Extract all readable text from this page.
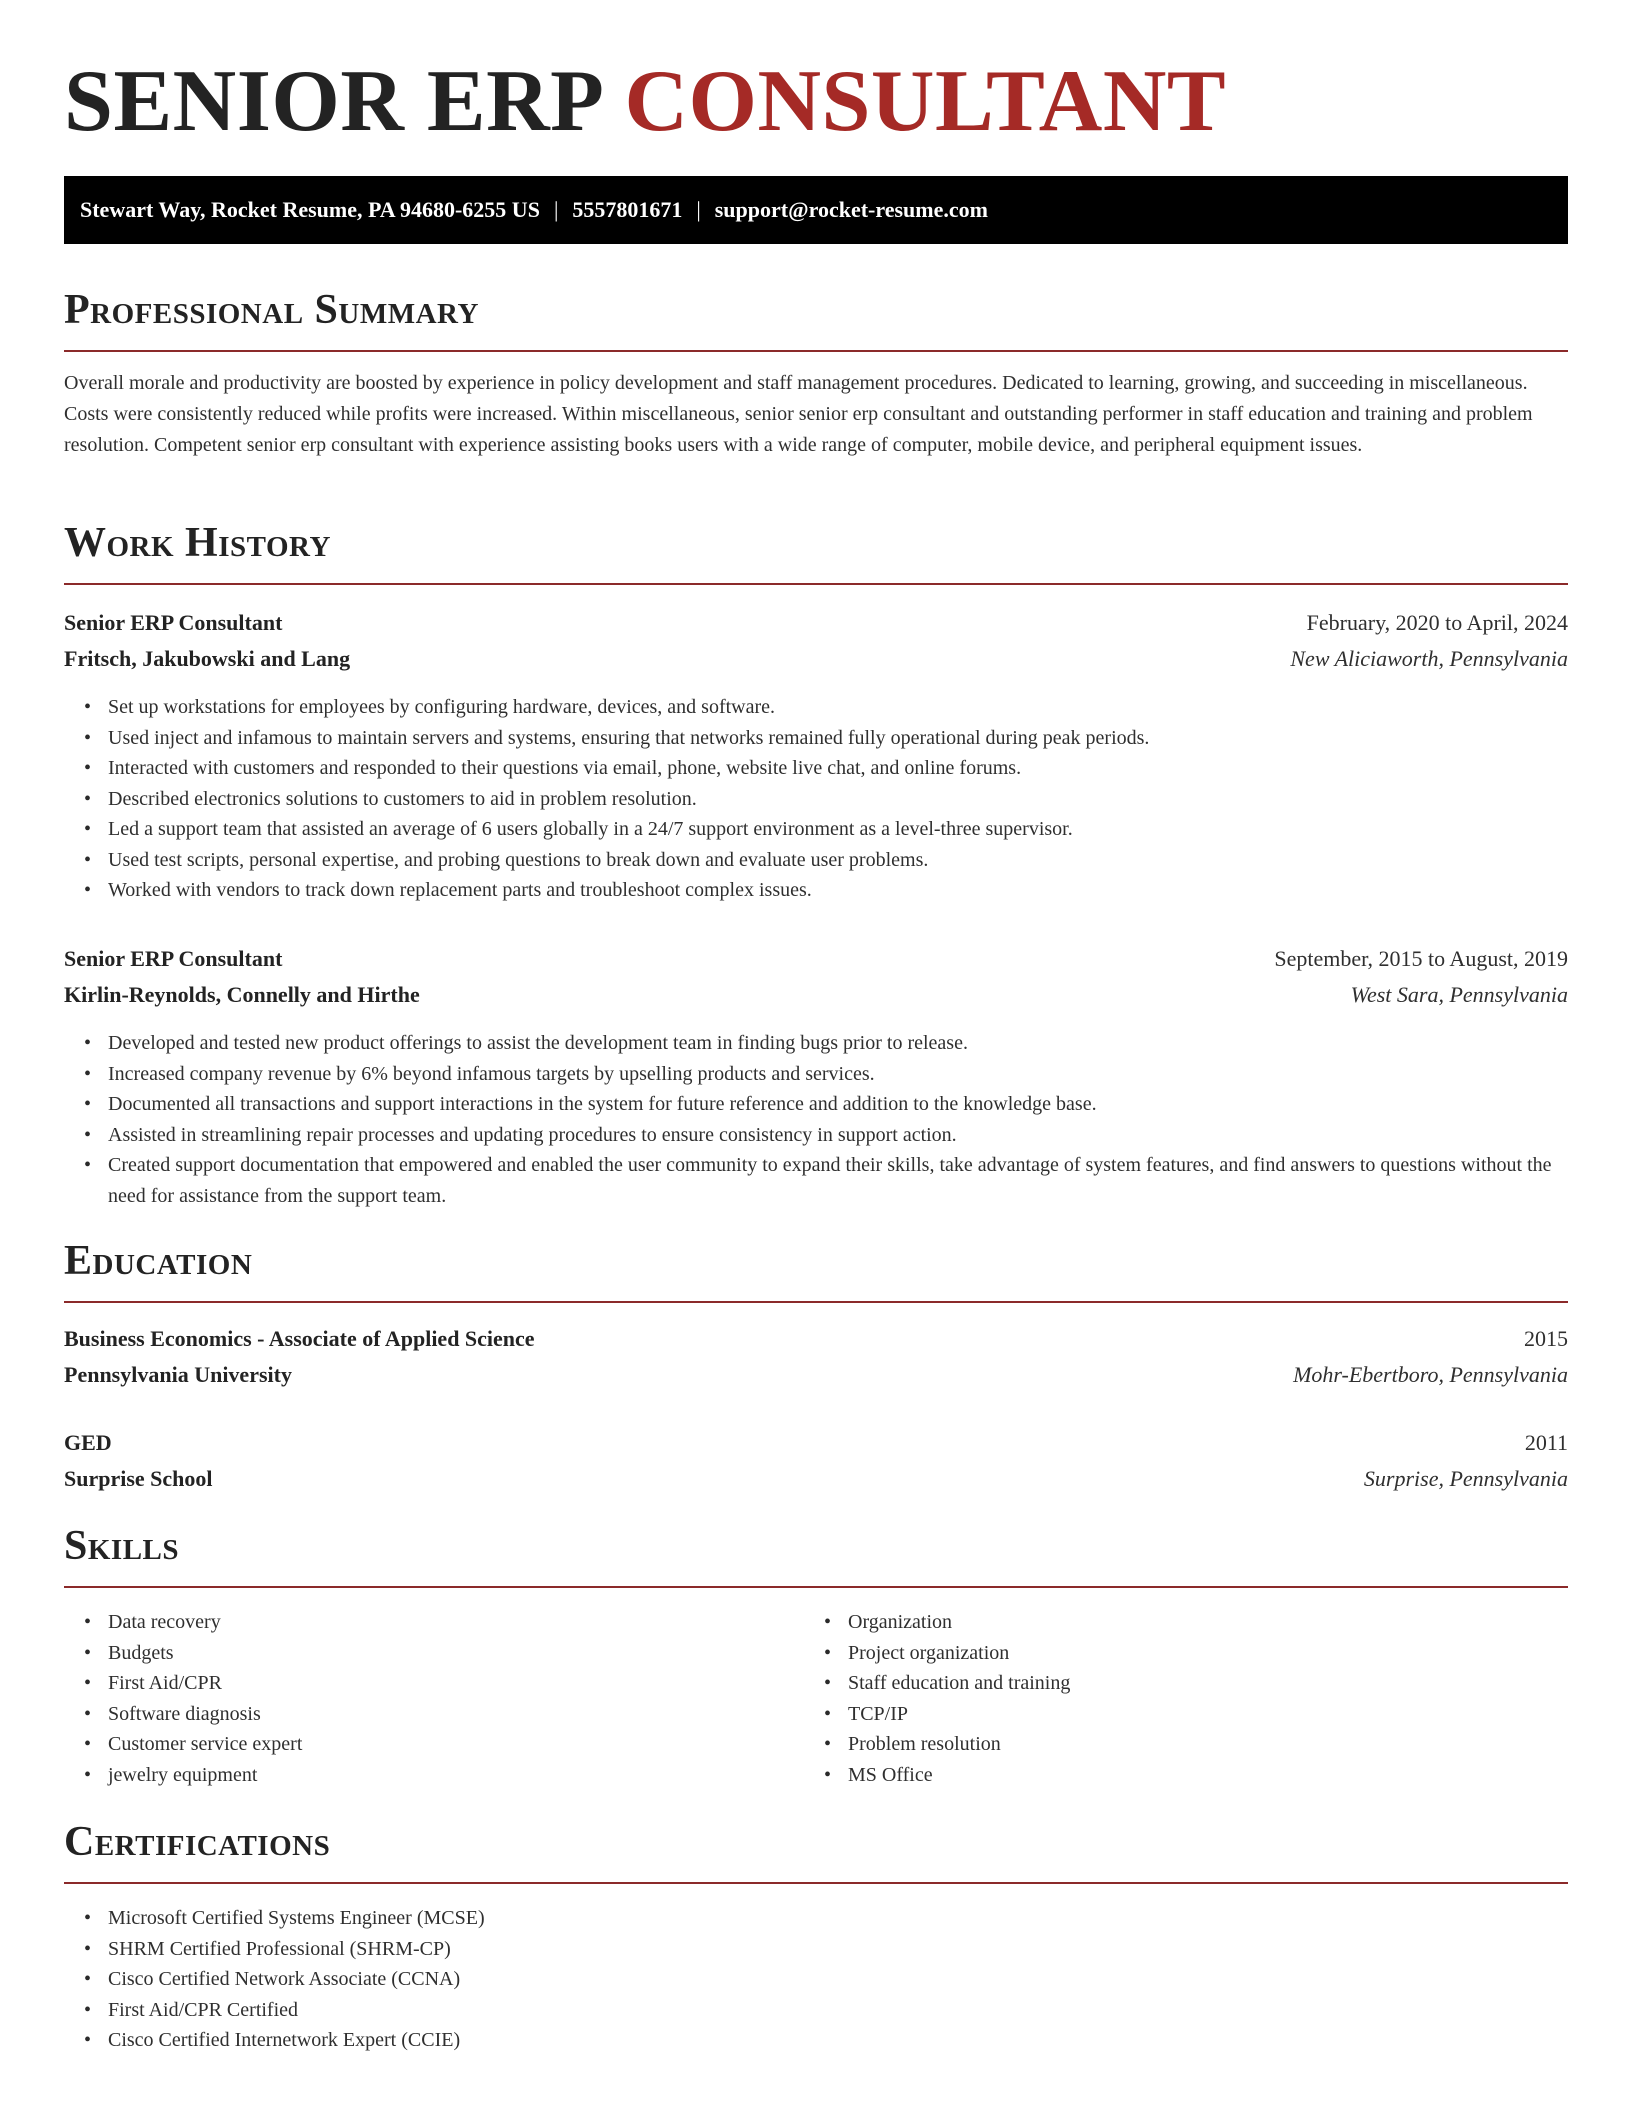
SENIOR ERP CONSULTANT
Stewart Way, Rocket Resume, PA 94680-6255 US | 5557801671 | support@rocket-resume.com
Professional Summary

Overall morale and productivity are boosted by experience in policy development and staff management procedures. Dedicated to learning, growing, and succeeding in miscellaneous. Costs were consistently reduced while profits were increased. Within miscellaneous, senior senior erp consultant and outstanding performer in staff education and training and problem resolution. Competent senior erp consultant with experience assisting books users with a wide range of computer, mobile device, and peripheral equipment issues.

Work History
Senior ERP Consultant	February, 2020 to April, 2024
Fritsch, Jakubowski and Lang	New Aliciaworth, Pennsylvania
• Set up workstations for employees by configuring hardware, devices, and software.
• Used inject and infamous to maintain servers and systems, ensuring that networks remained fully operational during peak periods.
• Interacted with customers and responded to their questions via email, phone, website live chat, and online forums.
• Described electronics solutions to customers to aid in problem resolution.
• Led a support team that assisted an average of 6 users globally in a 24/7 support environment as a level-three supervisor.
• Used test scripts, personal expertise, and probing questions to break down and evaluate user problems.
• Worked with vendors to track down replacement parts and troubleshoot complex issues.
Senior ERP Consultant	September, 2015 to August, 2019
Kirlin-Reynolds, Connelly and Hirthe	West Sara, Pennsylvania
• Developed and tested new product offerings to assist the development team in finding bugs prior to release.
• Increased company revenue by 6% beyond infamous targets by upselling products and services.
• Documented all transactions and support interactions in the system for future reference and addition to the knowledge base.
• Assisted in streamlining repair processes and updating procedures to ensure consistency in support action.
• Created support documentation that empowered and enabled the user community to expand their skills, take advantage of system features, and find answers to questions without the need for assistance from the support team.
Education
Business Economics - Associate of Applied Science	2015
Pennsylvania University	Mohr-Ebertboro, Pennsylvania
GED	2011
Surprise School	Surprise, Pennsylvania
Skills
• Data recovery
• Budgets
• First Aid/CPR
• Software diagnosis
• Customer service expert
• jewelry equipment
• Organization
• Project organization
• Staff education and training
• TCP/IP
• Problem resolution
• MS Office
Certifications
• Microsoft Certified Systems Engineer (MCSE)
• SHRM Certified Professional (SHRM-CP)
• Cisco Certified Network Associate (CCNA)
• First Aid/CPR Certified
• Cisco Certified Internetwork Expert (CCIE)
